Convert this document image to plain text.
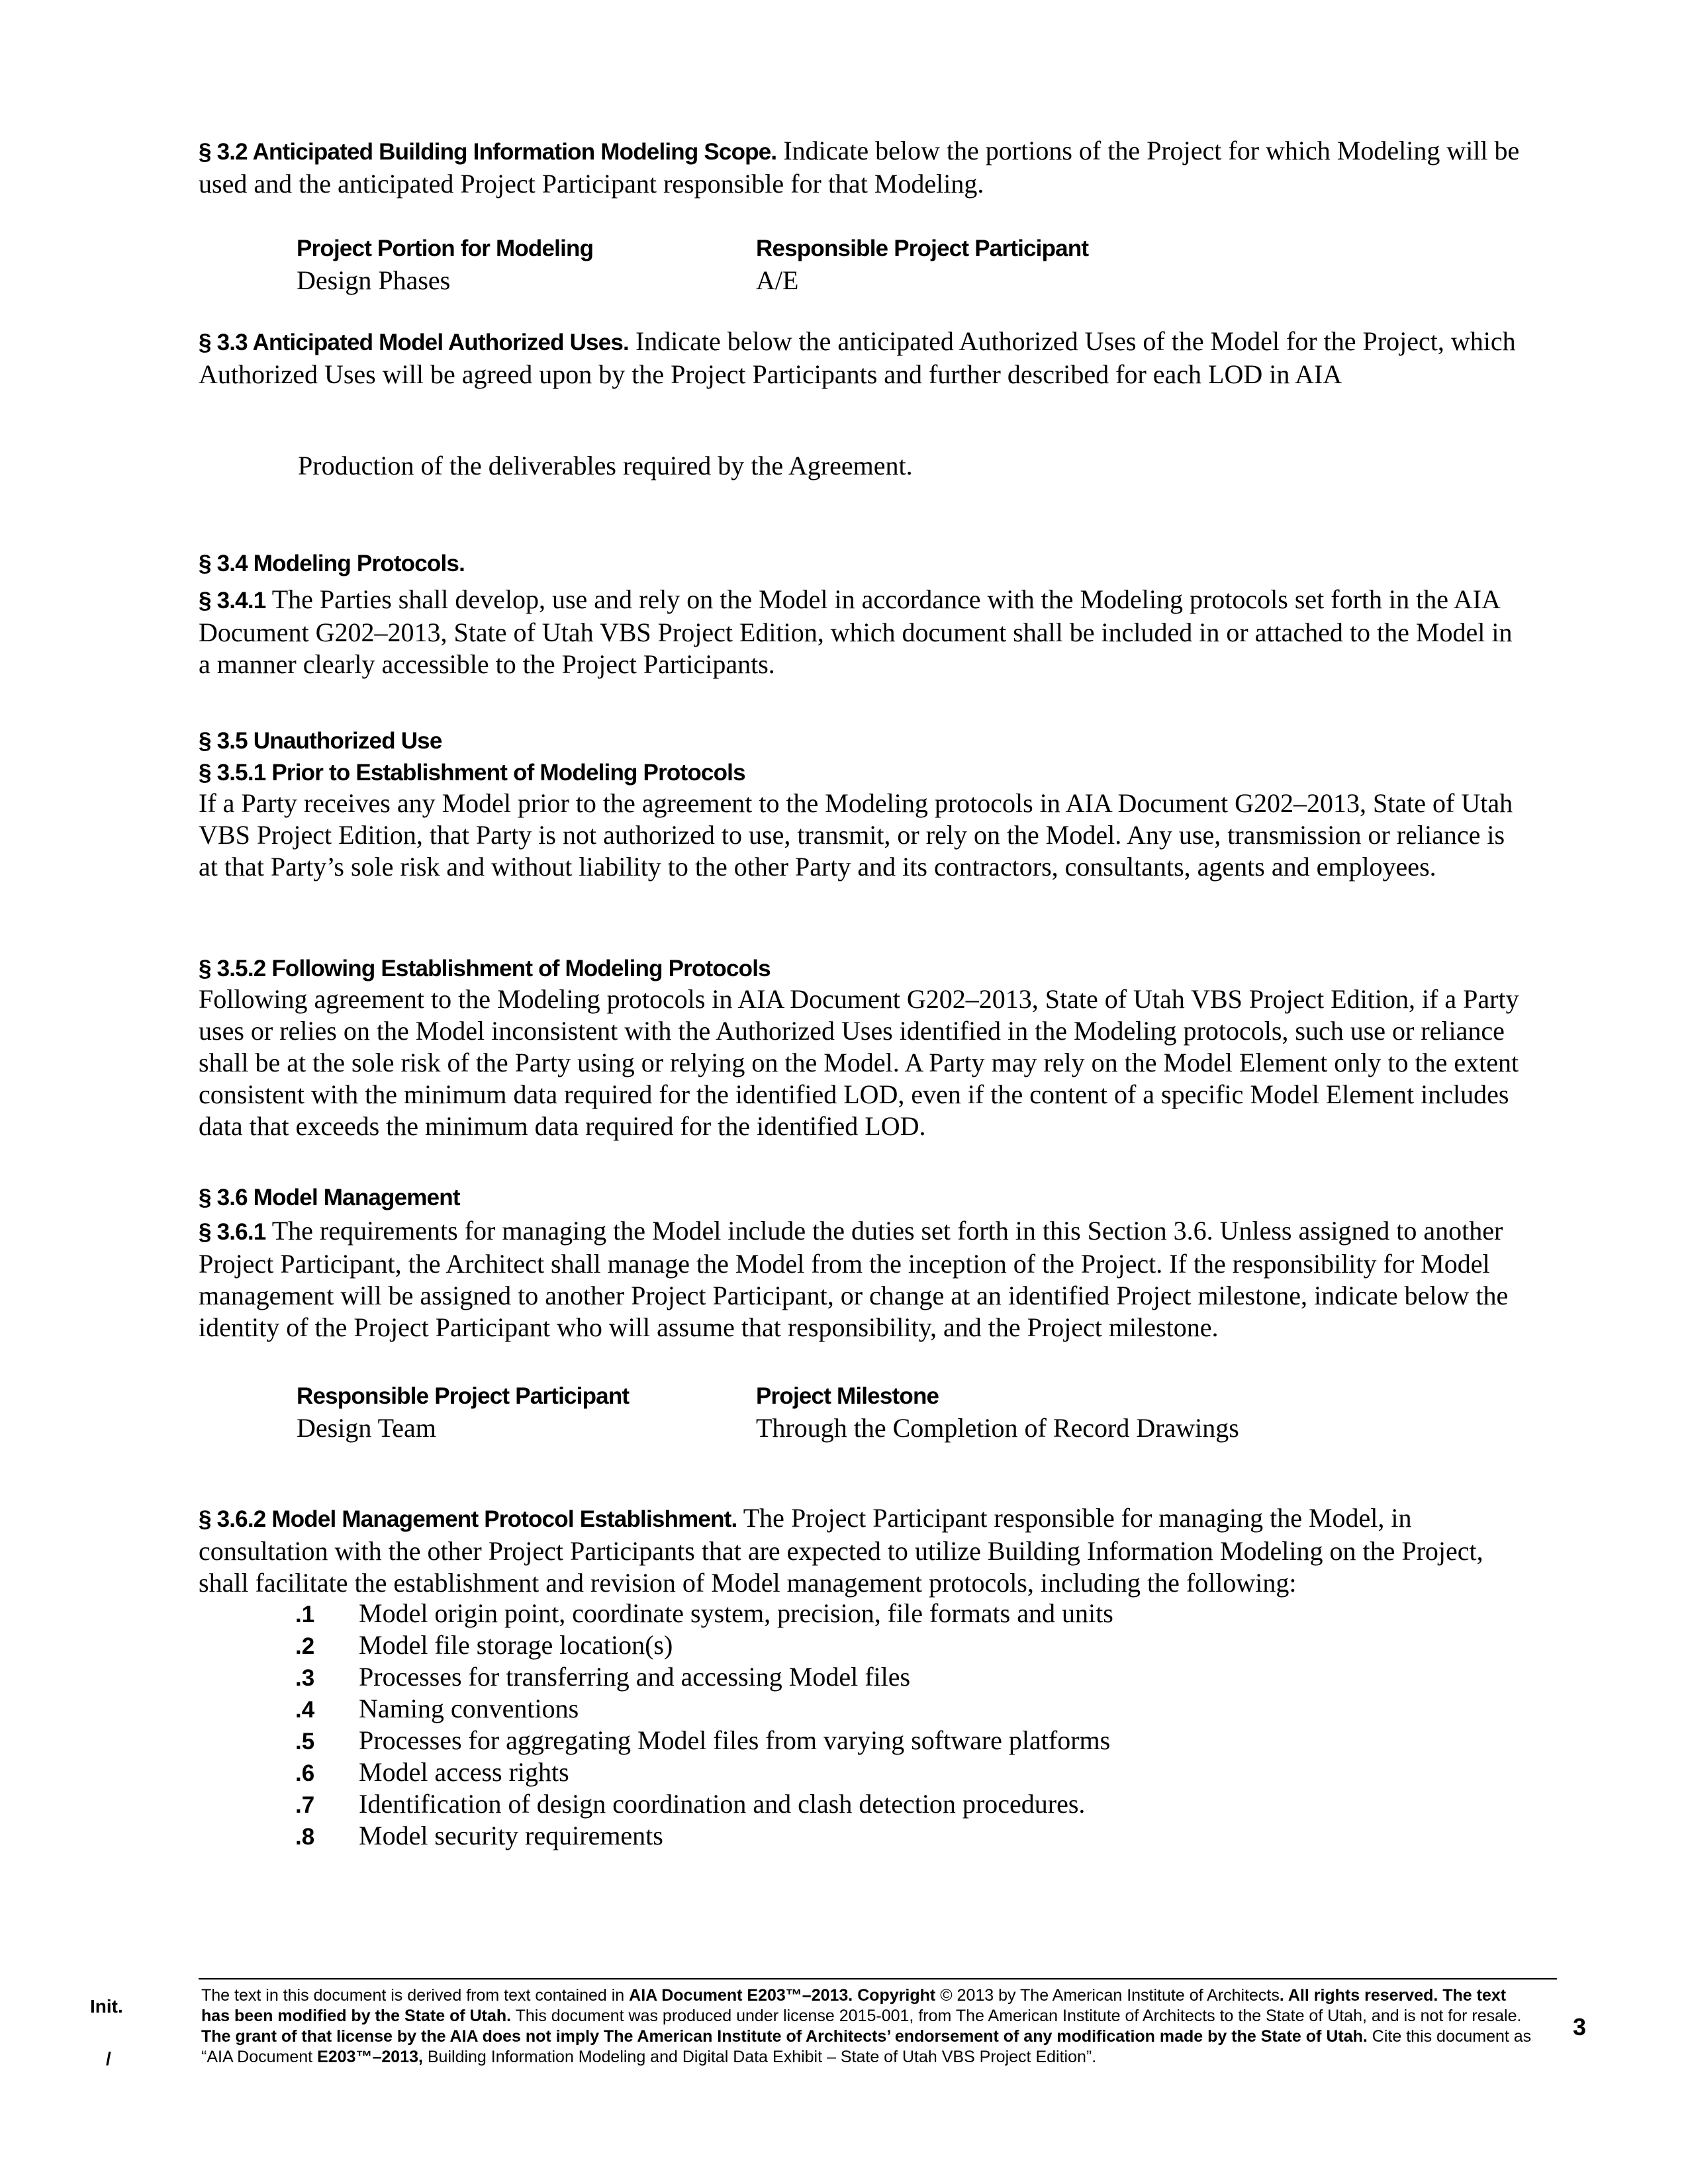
§ 3.2 Anticipated Building Information Modeling Scope. Indicate below the portions of the Project for which Modeling will be used and the anticipated Project Participant responsible for that Modeling.

Project Portion for Modeling	Responsible Project Participant
Design Phases	A/E

§ 3.3 Anticipated Model Authorized Uses. Indicate below the anticipated Authorized Uses of the Model for the Project, which Authorized Uses will be agreed upon by the Project Participants and further described for each LOD in AIA

Production of the deliverables required by the Agreement.
§ 3.4 Modeling Protocols.

§ 3.4.1 The Parties shall develop, use and rely on the Model in accordance with the Modeling protocols set forth in the AIA Document G202–2013, State of Utah VBS Project Edition, which document shall be included in or attached to the Model in a manner clearly accessible to the Project Participants.

§ 3.5 Unauthorized Use
§ 3.5.1 Prior to Establishment of Modeling Protocols
If a Party receives any Model prior to the agreement to the Modeling protocols in AIA Document G202–2013, State of Utah VBS Project Edition, that Party is not authorized to use, transmit, or rely on the Model. Any use, transmission or reliance is at that Party’s sole risk and without liability to the other Party and its contractors, consultants, agents and employees.
§ 3.5.2 Following Establishment of Modeling Protocols
Following agreement to the Modeling protocols in AIA Document G202–2013, State of Utah VBS Project Edition, if a Party uses or relies on the Model inconsistent with the Authorized Uses identified in the Modeling protocols, such use or reliance shall be at the sole risk of the Party using or relying on the Model. A Party may rely on the Model Element only to the extent consistent with the minimum data required for the identified LOD, even if the content of a specific Model Element includes data that exceeds the minimum data required for the identified LOD.
§ 3.6 Model Management

§ 3.6.1 The requirements for managing the Model include the duties set forth in this Section 3.6. Unless assigned to another Project Participant, the Architect shall manage the Model from the inception of the Project. If the responsibility for Model management will be assigned to another Project Participant, or change at an identified Project milestone, indicate below the identity of the Project Participant who will assume that responsibility, and the Project milestone.

Responsible Project Participant	Project Milestone
Design Team	Through the Completion of Record Drawings

§ 3.6.2 Model Management Protocol Establishment. The Project Participant responsible for managing the Model, in consultation with the other Project Participants that are expected to utilize Building Information Modeling on the Project, shall facilitate the establishment and revision of Model management protocols, including the following:

.1	Model origin point, coordinate system, precision, file formats and units
.2	Model file storage location(s)
.3	Processes for transferring and accessing Model files
.4	Naming conventions
.5	Processes for aggregating Model files from varying software platforms
.6	Model access rights
.7	Identification of design coordination and clash detection procedures.
.8	Model security requirements
Init.
/
The text in this document is derived from text contained in AIA Document E203™–2013. Copyright © 2013 by The American Institute of Architects. All rights reserved. The text has been modified by the State of Utah. This document was produced under license 2015-001, from The American Institute of Architects to the State of Utah, and is not for resale. The grant of that license by the AIA does not imply The American Institute of Architects’ endorsement of any modification made by the State of Utah. Cite this document as “AIA Document E203™–2013, Building Information Modeling and Digital Data Exhibit – State of Utah VBS Project Edition”.
3
